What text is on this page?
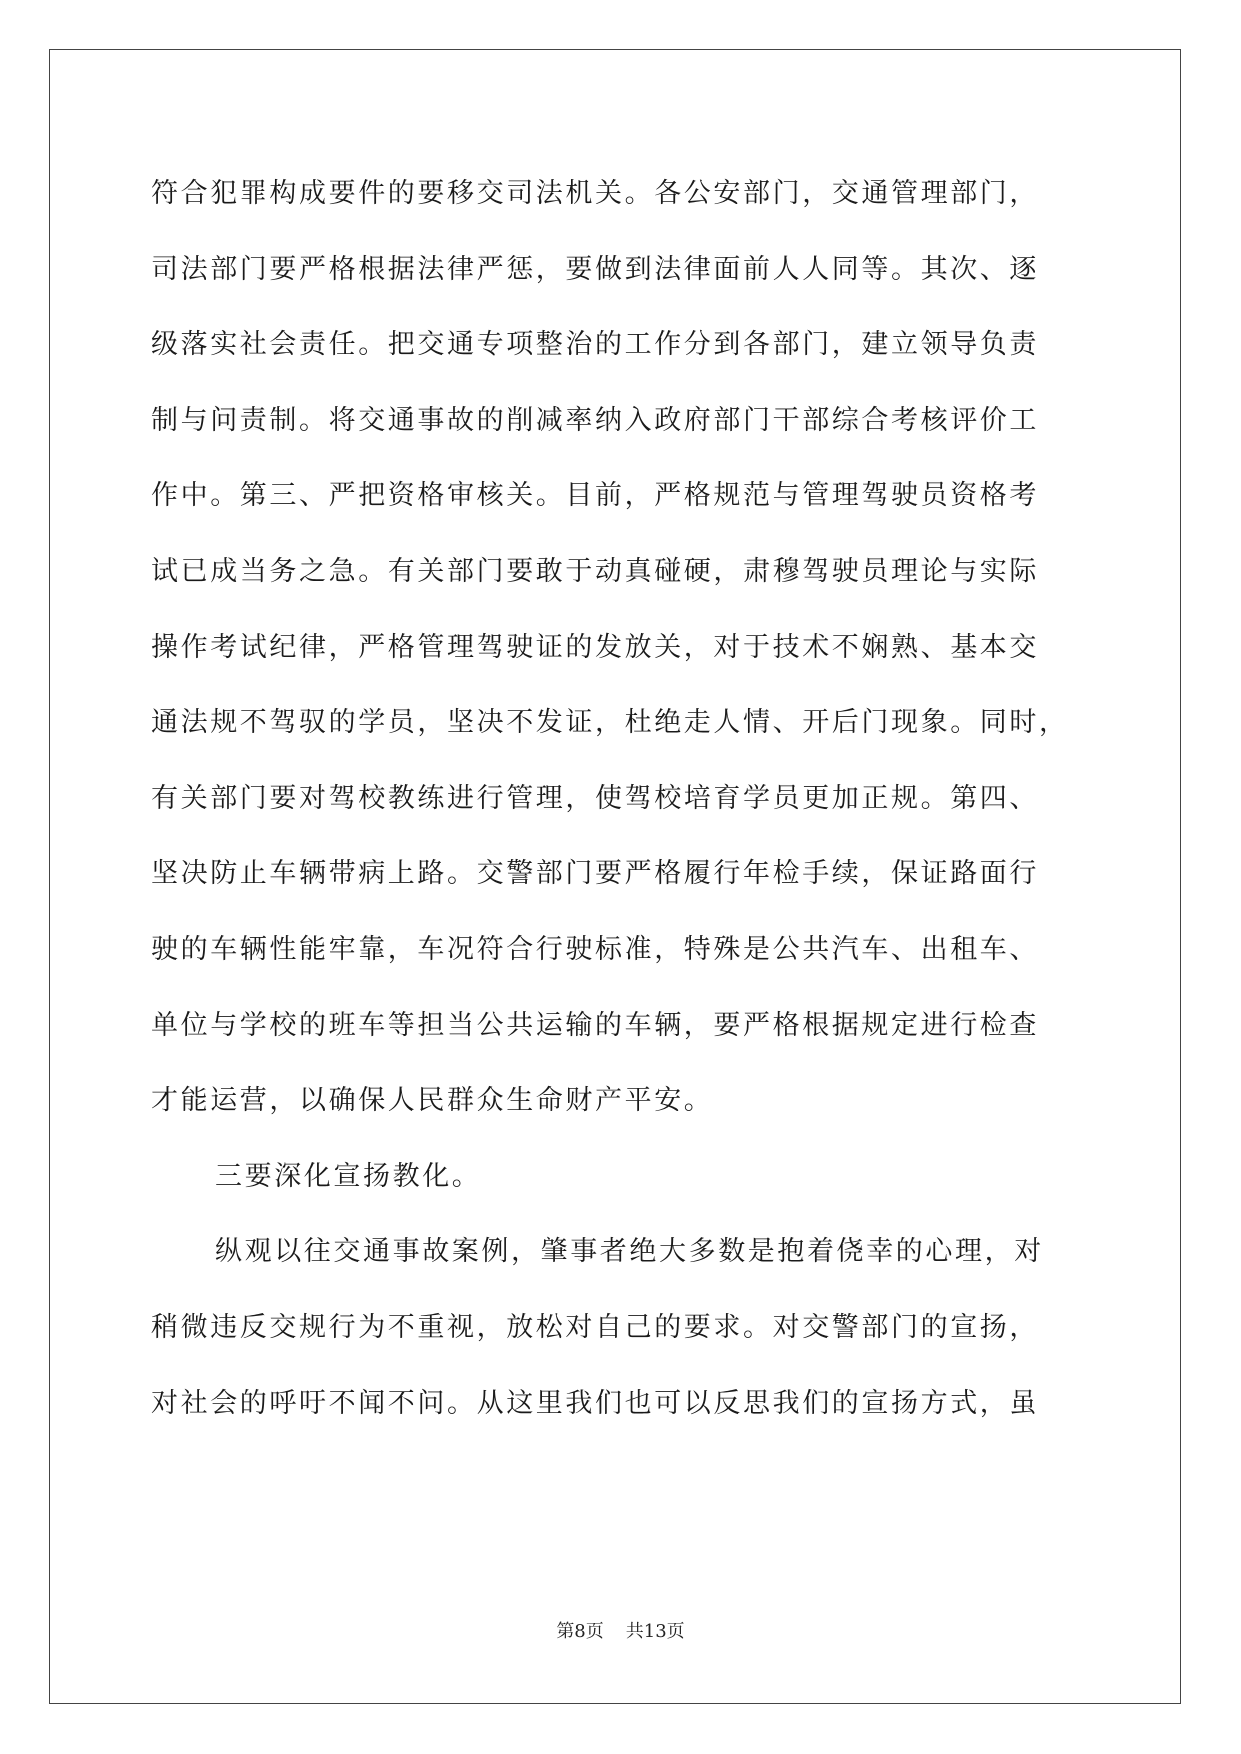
符合犯罪构成要件的要移交司法机关。各公安部门，交通管理部门，
司法部门要严格根据法律严惩，要做到法律面前人人同等。其次、逐
级落实社会责任。把交通专项整治的工作分到各部门，建立领导负责
制与问责制。将交通事故的削减率纳入政府部门干部综合考核评价工
作中。第三、严把资格审核关。目前，严格规范与管理驾驶员资格考
试已成当务之急。有关部门要敢于动真碰硬，肃穆驾驶员理论与实际
操作考试纪律，严格管理驾驶证的发放关，对于技术不娴熟、基本交
通法规不驾驭的学员，坚决不发证，杜绝走人情、开后门现象。同时，
有关部门要对驾校教练进行管理，使驾校培育学员更加正规。第四、
坚决防止车辆带病上路。交警部门要严格履行年检手续，保证路面行
驶的车辆性能牢靠，车况符合行驶标准，特殊是公共汽车、出租车、
单位与学校的班车等担当公共运输的车辆，要严格根据规定进行检查
才能运营，以确保人民群众生命财产平安。
三要深化宣扬教化。
纵观以往交通事故案例，肇事者绝大多数是抱着侥幸的心理，对
稍微违反交规行为不重视，放松对自己的要求。对交警部门的宣扬，
对社会的呼吁不闻不问。从这里我们也可以反思我们的宣扬方式，虽
第8页 共13页
